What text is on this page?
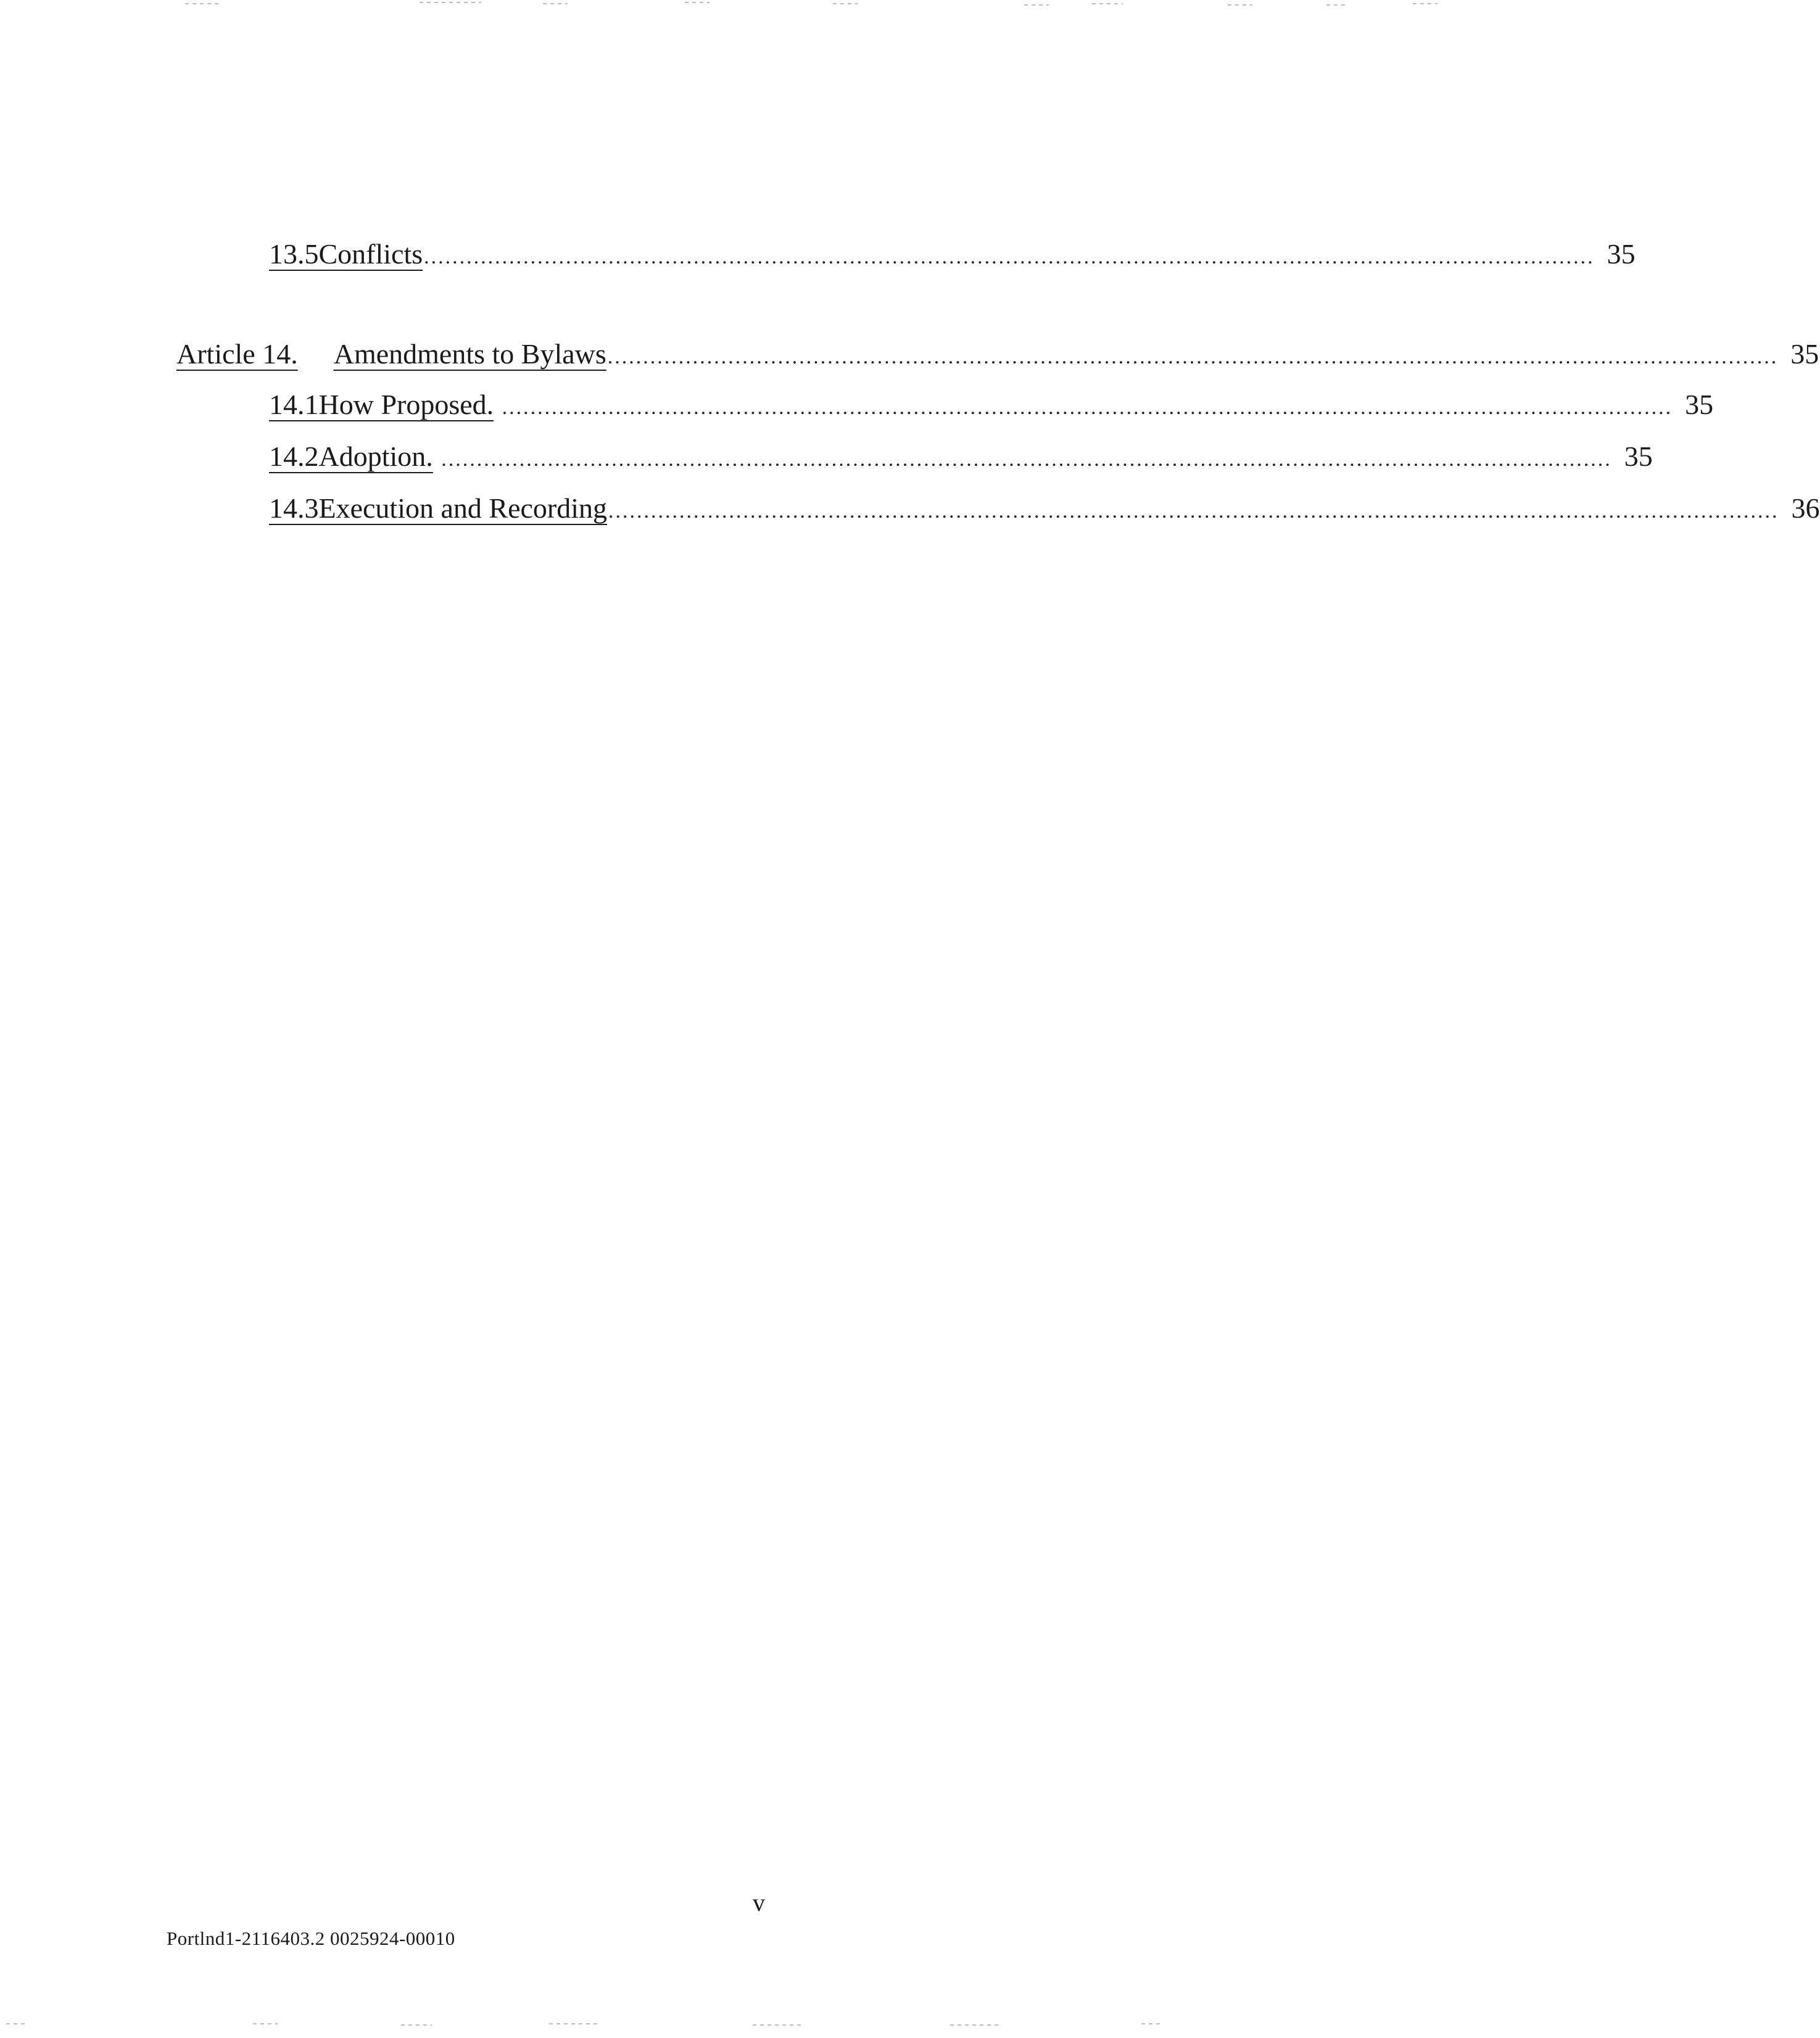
13.5 Conflicts ..................................................................................................................................................................... 35
Article 14.	Amendments to Bylaws ..................................................................................................................................................................... 35
14.1 How Proposed. ..................................................................................................................................................................... 35
14.2 Adoption. ..................................................................................................................................................................... 35
14.3 Execution and Recording ..................................................................................................................................................................... 36
v
Portlnd1-2116403.2 0025924-00010
